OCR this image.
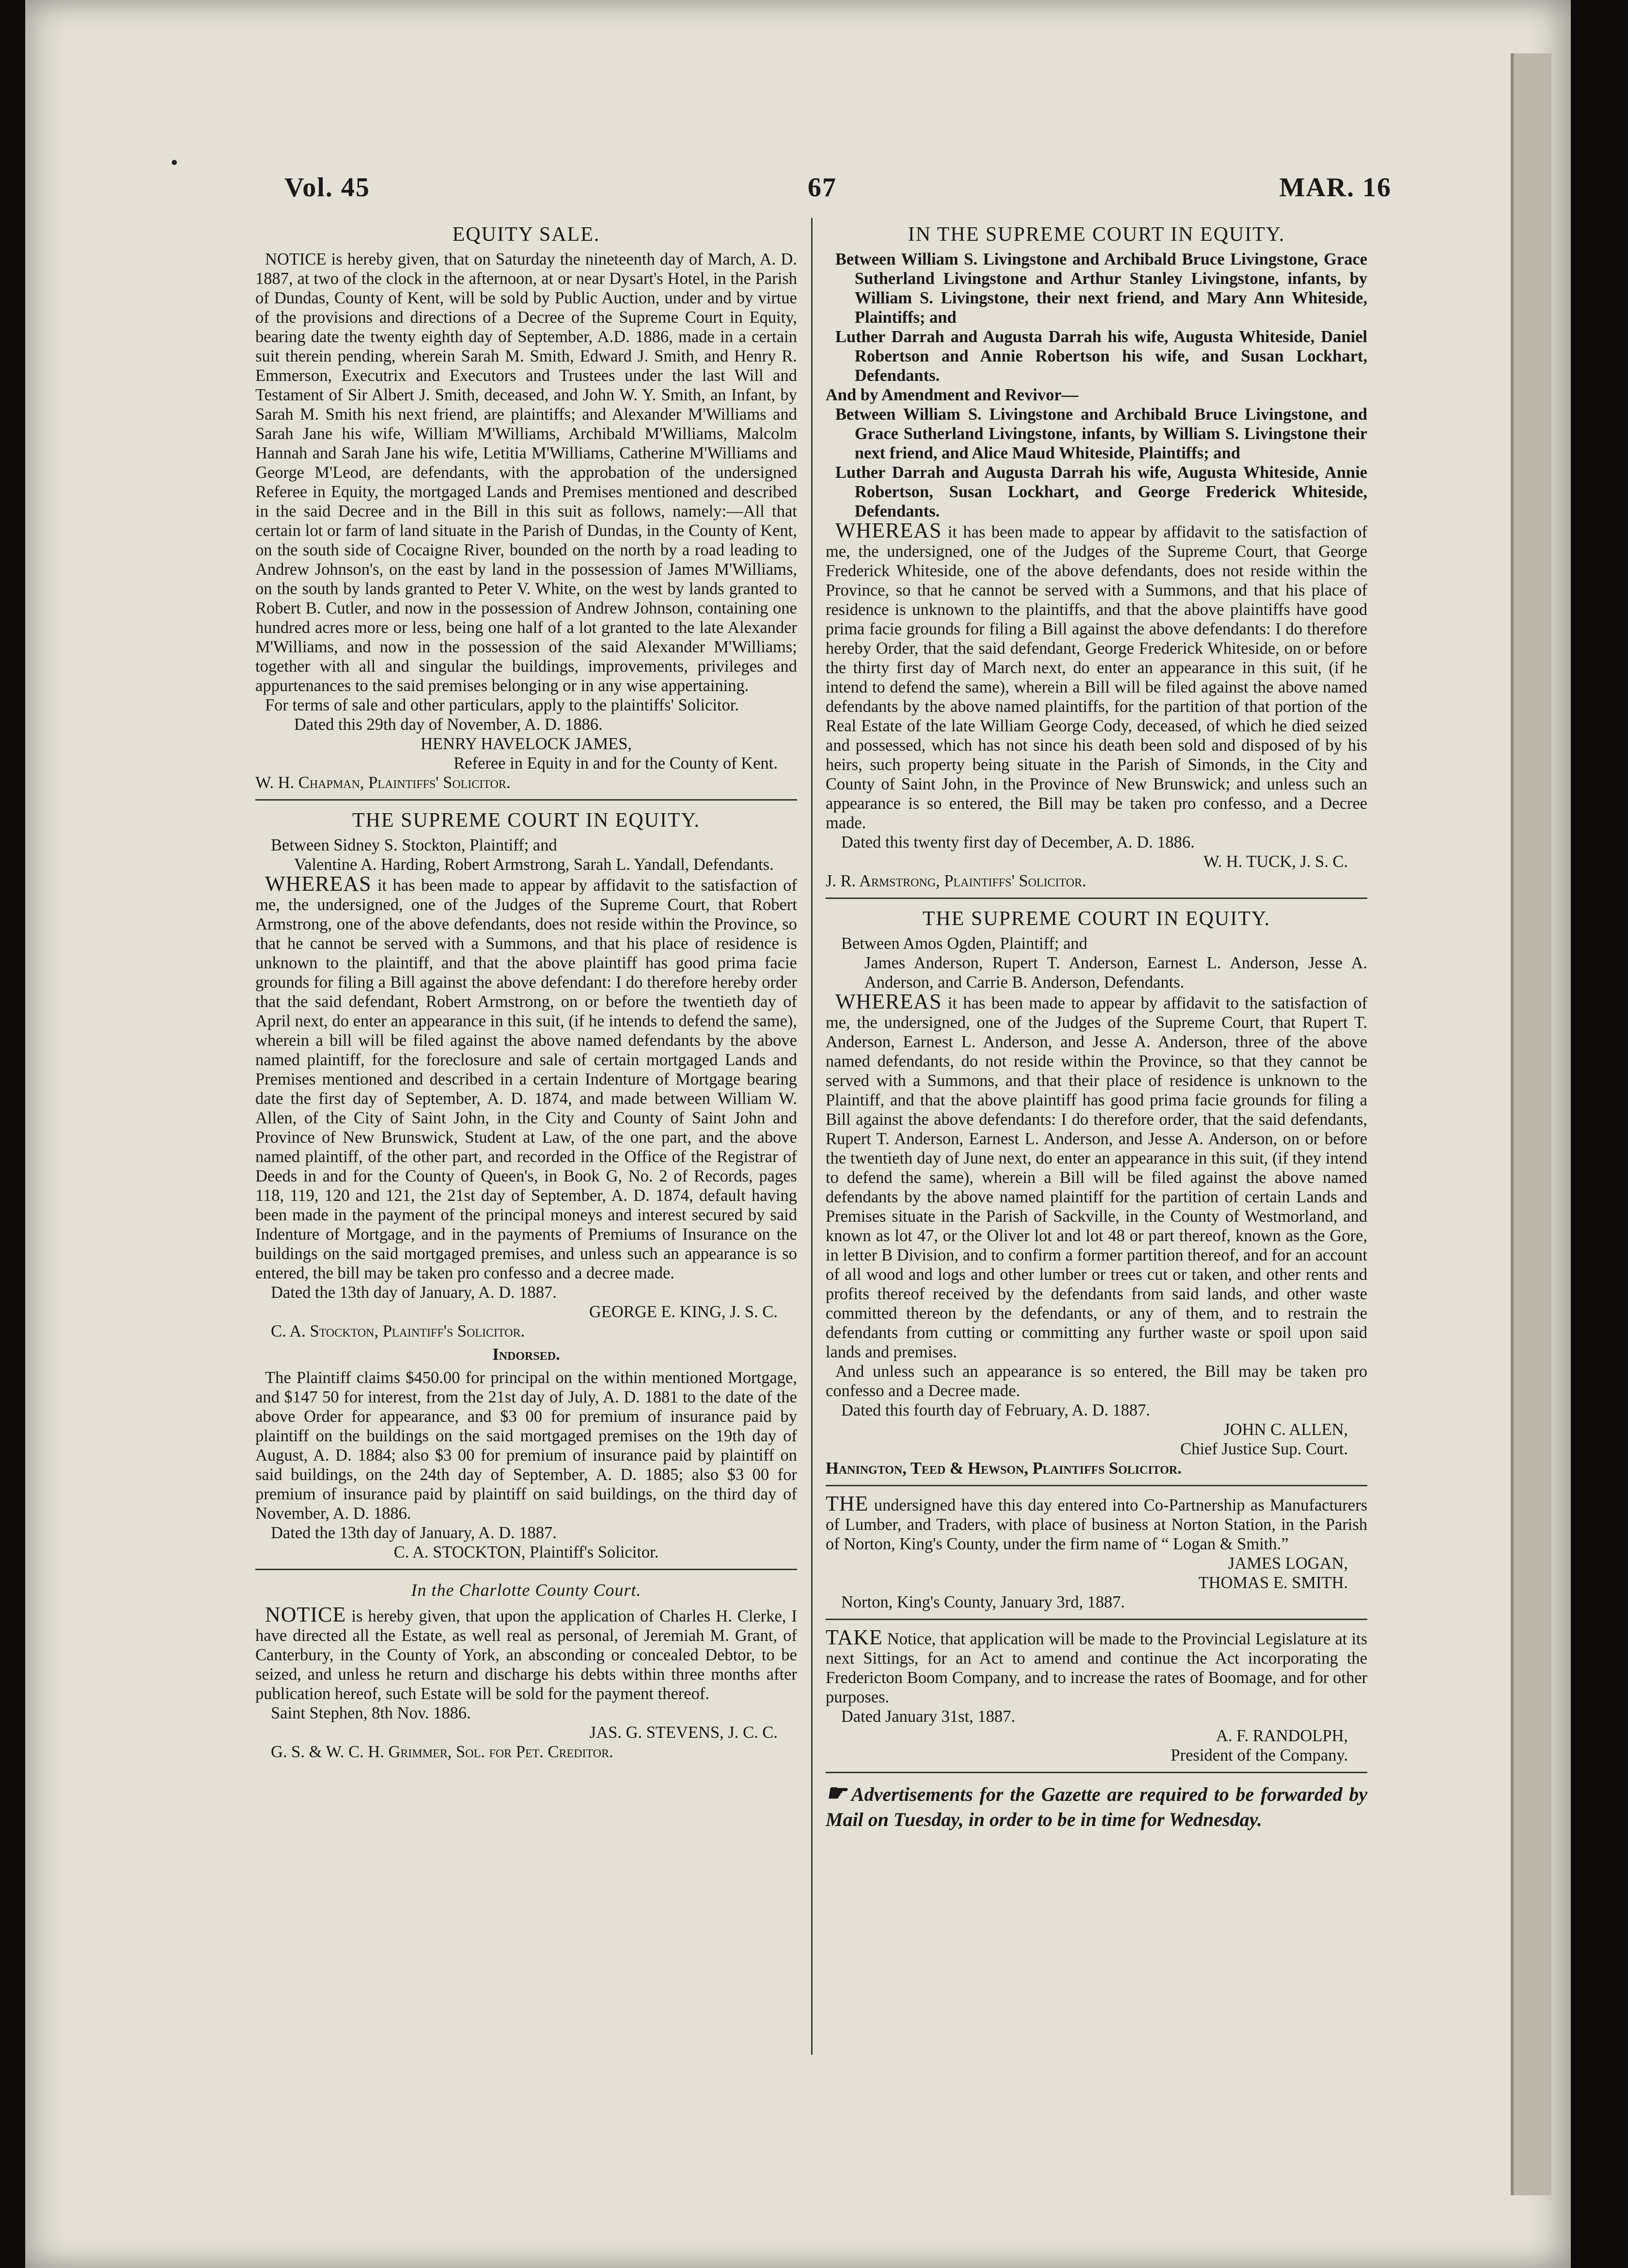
•
Vol. 45	67	MAR. 16
EQUITY SALE.

NOTICE is hereby given, that on Saturday the nineteenth day of March, A. D. 1887, at two of the clock in the afternoon, at or near Dysart's Hotel, in the Parish of Dundas, County of Kent, will be sold by Public Auction, under and by virtue of the provisions and directions of a Decree of the Supreme Court in Equity, bearing date the twenty eighth day of September, A.D. 1886, made in a certain suit therein pending, wherein Sarah M. Smith, Edward J. Smith, and Henry R. Emmerson, Executrix and Executors and Trustees under the last Will and Testament of Sir Albert J. Smith, deceased, and John W. Y. Smith, an Infant, by Sarah M. Smith his next friend, are plaintiffs; and Alexander M'Williams and Sarah Jane his wife, William M'Williams, Archibald M'Williams, Malcolm Hannah and Sarah Jane his wife, Letitia M'Williams, Catherine M'Williams and George M'Leod, are defendants, with the approbation of the undersigned Referee in Equity, the mortgaged Lands and Premises mentioned and described in the said Decree and in the Bill in this suit as follows, namely:—All that certain lot or farm of land situate in the Parish of Dundas, in the County of Kent, on the south side of Cocaigne River, bounded on the north by a road leading to Andrew Johnson's, on the east by land in the possession of James M'Williams, on the south by lands granted to Peter V. White, on the west by lands granted to Robert B. Cutler, and now in the possession of Andrew Johnson, containing one hundred acres more or less, being one half of a lot granted to the late Alexander M'Williams, and now in the possession of the said Alexander M'Williams; together with all and singular the buildings, improvements, privileges and appurtenances to the said premises belonging or in any wise appertaining.

For terms of sale and other particulars, apply to the plaintiffs' Solicitor.

Dated this 29th day of November, A. D. 1886.

HENRY HAVELOCK JAMES,

Referee in Equity in and for the County of Kent.

W. H. Chapman, Plaintiffs' Solicitor.

THE SUPREME COURT IN EQUITY.

Between Sidney S. Stockton, Plaintiff; and

Valentine A. Harding, Robert Armstrong, Sarah L. Yandall, Defendants.

WHEREAS it has been made to appear by affidavit to the satisfaction of me, the undersigned, one of the Judges of the Supreme Court, that Robert Armstrong, one of the above defendants, does not reside within the Province, so that he cannot be served with a Summons, and that his place of residence is unknown to the plaintiff, and that the above plaintiff has good prima facie grounds for filing a Bill against the above defendant: I do therefore hereby order that the said defendant, Robert Armstrong, on or before the twentieth day of April next, do enter an appearance in this suit, (if he intends to defend the same), wherein a bill will be filed against the above named defendants by the above named plaintiff, for the foreclosure and sale of certain mortgaged Lands and Premises mentioned and described in a certain Indenture of Mortgage bearing date the first day of September, A. D. 1874, and made between William W. Allen, of the City of Saint John, in the City and County of Saint John and Province of New Brunswick, Student at Law, of the one part, and the above named plaintiff, of the other part, and recorded in the Office of the Registrar of Deeds in and for the County of Queen's, in Book G, No. 2 of Records, pages 118, 119, 120 and 121, the 21st day of September, A. D. 1874, default having been made in the payment of the principal moneys and interest secured by said Indenture of Mortgage, and in the payments of Premiums of Insurance on the buildings on the said mortgaged premises, and unless such an appearance is so entered, the bill may be taken pro confesso and a decree made.

Dated the 13th day of January, A. D. 1887.

GEORGE E. KING, J. S. C.

C. A. Stockton, Plaintiff's Solicitor.

Indorsed.

The Plaintiff claims $450.00 for principal on the within mentioned Mortgage, and $147 50 for interest, from the 21st day of July, A. D. 1881 to the date of the above Order for appearance, and $3 00 for premium of insurance paid by plaintiff on the buildings on the said mortgaged premises on the 19th day of August, A. D. 1884; also $3 00 for premium of insurance paid by plaintiff on said buildings, on the 24th day of September, A. D. 1885; also $3 00 for premium of insurance paid by plaintiff on said buildings, on the third day of November, A. D. 1886.

Dated the 13th day of January, A. D. 1887.

C. A. STOCKTON, Plaintiff's Solicitor.

In the Charlotte County Court.

NOTICE is hereby given, that upon the application of Charles H. Clerke, I have directed all the Estate, as well real as personal, of Jeremiah M. Grant, of Canterbury, in the County of York, an absconding or concealed Debtor, to be seized, and unless he return and discharge his debts within three months after publication hereof, such Estate will be sold for the payment thereof.

Saint Stephen, 8th Nov. 1886.

JAS. G. STEVENS, J. C. C.

G. S. & W. C. H. Grimmer, Sol. for Pet. Creditor.

IN THE SUPREME COURT IN EQUITY.

Between William S. Livingstone and Archibald Bruce Livingstone, Grace Sutherland Livingstone and Arthur Stanley Livingstone, infants, by William S. Livingstone, their next friend, and Mary Ann Whiteside, Plaintiffs; and

Luther Darrah and Augusta Darrah his wife, Augusta Whiteside, Daniel Robertson and Annie Robertson his wife, and Susan Lockhart, Defendants.

And by Amendment and Revivor—

Between William S. Livingstone and Archibald Bruce Livingstone, and Grace Sutherland Livingstone, infants, by William S. Livingstone their next friend, and Alice Maud Whiteside, Plaintiffs; and

Luther Darrah and Augusta Darrah his wife, Augusta Whiteside, Annie Robertson, Susan Lockhart, and George Frederick Whiteside, Defendants.

WHEREAS it has been made to appear by affidavit to the satisfaction of me, the undersigned, one of the Judges of the Supreme Court, that George Frederick Whiteside, one of the above defendants, does not reside within the Province, so that he cannot be served with a Summons, and that his place of residence is unknown to the plaintiffs, and that the above plaintiffs have good prima facie grounds for filing a Bill against the above defendants: I do therefore hereby Order, that the said defendant, George Frederick Whiteside, on or before the thirty first day of March next, do enter an appearance in this suit, (if he intend to defend the same), wherein a Bill will be filed against the above named defendants by the above named plaintiffs, for the partition of that portion of the Real Estate of the late William George Cody, deceased, of which he died seized and possessed, which has not since his death been sold and disposed of by his heirs, such property being situate in the Parish of Simonds, in the City and County of Saint John, in the Province of New Brunswick; and unless such an appearance is so entered, the Bill may be taken pro confesso, and a Decree made.

Dated this twenty first day of December, A. D. 1886.

W. H. TUCK, J. S. C.

J. R. Armstrong, Plaintiffs' Solicitor.

THE SUPREME COURT IN EQUITY.

Between Amos Ogden, Plaintiff; and

James Anderson, Rupert T. Anderson, Earnest L. Anderson, Jesse A. Anderson, and Carrie B. Anderson, Defendants.

WHEREAS it has been made to appear by affidavit to the satisfaction of me, the undersigned, one of the Judges of the Supreme Court, that Rupert T. Anderson, Earnest L. Anderson, and Jesse A. Anderson, three of the above named defendants, do not reside within the Province, so that they cannot be served with a Summons, and that their place of residence is unknown to the Plaintiff, and that the above plaintiff has good prima facie grounds for filing a Bill against the above defendants: I do therefore order, that the said defendants, Rupert T. Anderson, Earnest L. Anderson, and Jesse A. Anderson, on or before the twentieth day of June next, do enter an appearance in this suit, (if they intend to defend the same), wherein a Bill will be filed against the above named defendants by the above named plaintiff for the partition of certain Lands and Premises situate in the Parish of Sackville, in the County of Westmorland, and known as lot 47, or the Oliver lot and lot 48 or part thereof, known as the Gore, in letter B Division, and to confirm a former partition thereof, and for an account of all wood and logs and other lumber or trees cut or taken, and other rents and profits thereof received by the defendants from said lands, and other waste committed thereon by the defendants, or any of them, and to restrain the defendants from cutting or committing any further waste or spoil upon said lands and premises.

And unless such an appearance is so entered, the Bill may be taken pro confesso and a Decree made.

Dated this fourth day of February, A. D. 1887.

JOHN C. ALLEN,

Chief Justice Sup. Court.

Hanington, Teed & Hewson, Plaintiffs Solicitor.

THE undersigned have this day entered into Co-Partnership as Manufacturers of Lumber, and Traders, with place of business at Norton Station, in the Parish of Norton, King's County, under the firm name of “ Logan & Smith.”

JAMES LOGAN,

THOMAS E. SMITH.

Norton, King's County, January 3rd, 1887.

TAKE Notice, that application will be made to the Provincial Legislature at its next Sittings, for an Act to amend and continue the Act incorporating the Fredericton Boom Company, and to increase the rates of Boomage, and for other purposes.

Dated January 31st, 1887.

A. F. RANDOLPH,

President of the Company.

☛ Advertisements for the Gazette are required to be forwarded by Mail on Tuesday, in order to be in time for Wednesday.
